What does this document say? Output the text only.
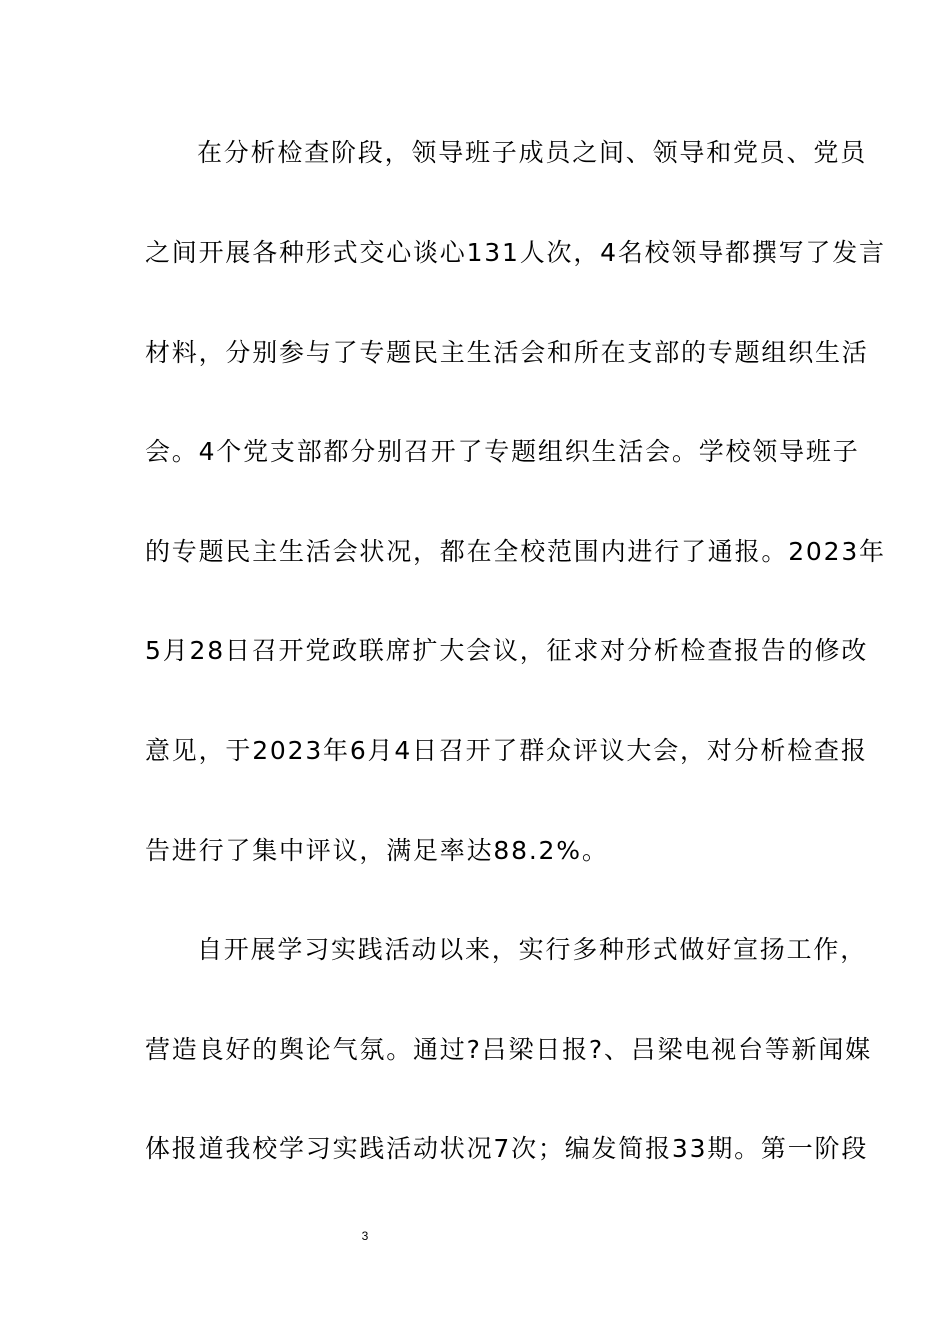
在分析检查阶段，领导班子成员之间、领导和党员、党员

之间开展各种形式交心谈心131人次，4名校领导都撰写了发言

材料，分别参与了专题民主生活会和所在支部的专题组织生活

会。4个党支部都分别召开了专题组织生活会。学校领导班子

的专题民主生活会状况，都在全校范围内进行了通报。2023年

5月28日召开党政联席扩大会议，征求对分析检查报告的修改

意见，于2023年6月4日召开了群众评议大会，对分析检查报

告进行了集中评议，满足率达88.2%。

自开展学习实践活动以来，实行多种形式做好宣扬工作，

营造良好的舆论气氛。通过?吕梁日报?、吕梁电视台等新闻媒

体报道我校学习实践活动状况7次；编发简报33期。第一阶段

3
